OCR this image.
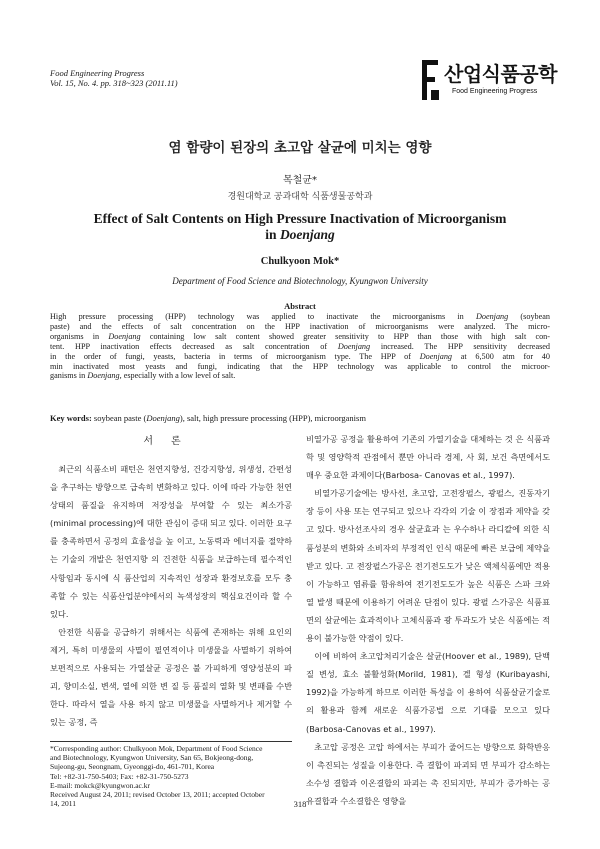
Food Engineering Progress
Vol. 15, No. 4. pp. 318~323 (2011.11)	산업식품공학
Food Engineering Progress
염 함량이 된장의 초고압 살균에 미치는 영향
목철균*
경원대학교 공과대학 식품생물공학과
Effect of Salt Contents on High Pressure Inactivation of Microorganism
in Doenjang
Chulkyoon Mok*
Department of Food Science and Biotechnology, Kyungwon University
Abstract
High pressure processing (HPP) technology was applied to inactivate the microorganisms in Doenjang (soybean
paste) and the effects of salt concentration on the HPP inactivation of microorganisms were analyzed. The micro-
organisms in Doenjang containing low salt content showed greater sensitivity to HPP than those with high salt con-
tent. HPP inactivation effects decreased as salt concentration of Doenjang increased. The HPP sensitivity decreased
in the order of fungi, yeasts, bacteria in terms of microorganism type. The HPP of Doenjang at 6,500 atm for 40
min inactivated most yeasts and fungi, indicating that the HPP technology was applicable to control the microor-
ganisms in Doenjang, especially with a low level of salt.
Key words: soybean paste (Doenjang), salt, high pressure processing (HPP), microorganism
서론

최근의 식품소비 패턴은 천연지향성, 건강지향성, 위생성, 간편성을 추구하는 방향으로 급속히 변화하고 있다. 이에 따라 가능한 천연상태의 품질을 유지하며 저장성을 부여할 수 있는 최소가공(minimal processing)에 대한 관심이 증대 되고 있다. 이러한 요구를 충족하면서 공정의 효율성을 높 이고, 노동력과 에너지를 절약하는 기술의 개발은 천연지향 의 건전한 식품을 보급하는데 필수적인 사항임과 동시에 식 품산업의 지속적인 성장과 환경보호를 모두 충족할 수 있는 식품산업분야에서의 녹색성장의 핵심요건이라 할 수 있다.

안전한 식품을 공급하기 위해서는 식품에 존재하는 위해 요인의 제거, 특히 미생물의 사멸이 필연적이나 미생물을 사멸하기 위하여 보편적으로 사용되는 가열살균 공정은 불 가피하게 영양성분의 파괴, 향미소실, 변색, 열에 의한 변 질 등 품질의 열화 및 변패를 수반한다. 따라서 열을 사용 하지 않고 미생물을 사멸하거나 제거할 수 있는 공정, 즉

비열가공 공정을 활용하여 기존의 가열기술을 대체하는 것 은 식품과학 및 영양학적 관점에서 뿐만 아니라 경제, 사 회, 보건 측면에서도 매우 중요한 과제이다(Barbosa- Canovas et al., 1997).

비열가공기술에는 방사선, 초고압, 고전장펄스, 광펄스, 진동자기장 등이 사용 또는 연구되고 있으나 각각의 기술 이 장점과 제약을 갖고 있다. 방사선조사의 경우 살균효과 는 우수하나 라디칼에 의한 식품성분의 변화와 소비자의 부정적인 인식 때문에 빠른 보급에 제약을 받고 있다. 고 전장펄스가공은 전기전도도가 낮은 액체식품에만 적용이 가능하고 염류를 함유하여 전기전도도가 높은 식품은 스파 크와 열 발생 때문에 이용하기 어려운 단점이 있다. 광펄 스가공은 식품표면의 살균에는 효과적이나 고체식품과 광 투과도가 낮은 식품에는 적용이 불가능한 약점이 있다.

이에 비하여 초고압처리기술은 살균(Hoover et al., 1989), 단백질 변성, 효소 불활성화(Morild, 1981), 겔 형성 (Kuribayashi, 1992)을 가능하게 하므로 이러한 특성을 이 용하여 식품살균기술로의 활용과 함께 새로운 식품가공법 으로 기대를 모으고 있다(Barbosa-Canovas et al., 1997).

초고압 공정은 고압 하에서는 부피가 줄어드는 방향으로 화학반응이 촉진되는 성질을 이용한다. 즉 결합이 파괴되 면 부피가 감소하는 소수성 결합과 이온결합의 파괴는 촉 진되지만, 부피가 증가하는 공유결합과 수소결합은 영향을

*Corresponding author: Chulkyoon Mok, Department of Food Science
and Biotechnology, Kyungwon University, San 65, Bokjeong-dong,
Sujeong-gu, Seongnam, Gyeonggi-do, 461-701, Korea
Tel: +82-31-750-5403; Fax: +82-31-750-5273
E-mail: mokck@kyungwon.ac.kr
Received August 24, 2011; revised October 13, 2011; accepted October
14, 2011	318
